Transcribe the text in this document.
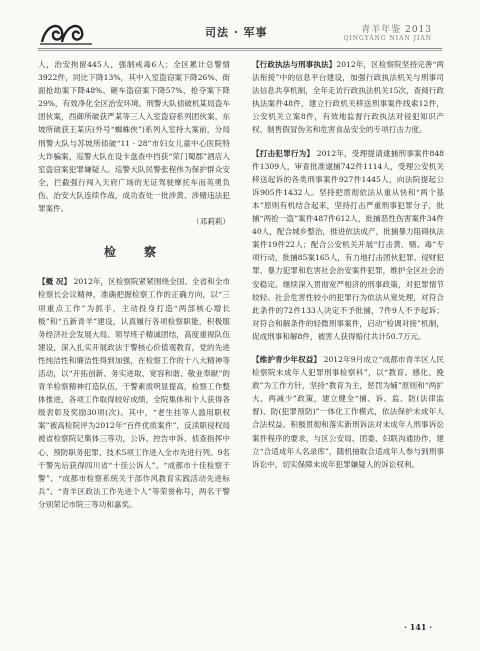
司法 · 军事	青羊年鉴 2013
QINGYANG NIAN JIAN

人，治安拘留445人，强制戒毒6人；全区累计总警情3922件，同比下降13%，其中入室盗窃案下降26%、街面抢劫案下降48%、砸车盗窃案下降57%、抢夺案下降29%，有效净化全区治安环境。刑警大队侦破机某局盗车团伙案，西御所破获严某等三人入室盗窃系列团伙案，东坡所破获王某庆(外号“蜘蛛侠”)系列入室持大案前，分局刑警大队与苏坡所侦破“11 · 28”市妇女儿童中心医院特大诈骗案，巡警大队在设卡盘查中挡获“荣门蜀郡”酒店入室盗窃案犯罪嫌疑人。巡警大队民警张程伟为保护群众安全，拦截强行闯入天府广场的无证驾驶摩托车而英勇负伤。治安大队连续作战，成功查处一批涉黄、涉赌违法犯罪案件。

（邓莉莉）

检　察

【概 况】 2012年，区检察院紧紧围绕全国、全省和全市检察长会议精神，准确把握检察工作的正确方向，以“三项重点工作”为抓手，主动投身打造“两部核心增长极”和“五新青羊”建设，认真履行各项检察职能，积极服务经济社会发展大局。领导班子精诚团结，高度重视队伍建设，深入扎实开展政法干警核心价值观教育，党的先进性纯洁性和廉洁性得到加强，在检察工作的十八大精神等活动，以“开拓创新、务实进取、宽容和谐、敬业奉献”的青羊检察精神打造队伍，干警素质明显提高，检察工作整体推进，各项工作取得较好成绩，全院集体和个人获得各级表彰及奖励30项(次)。其中，“老生挂等人滥用职权案”被高检院评为2012年“百件优质案件”，反渎职侵权局被省检察院记集体三等功，公诉、控告申诉、侦查指挥中心、预防职务犯罪、技术5项工作进入全市先进行列。9名干警先后获得四川省“十佳公诉人”、“成都市十佳检察干警”、“成都市检察系统关于部作风教育实践活动先进标兵”、“青羊区政法工作先进个人”等荣誉称号，两名干警分别荣记市院三等功和嘉奖。

【行政执法与刑事执法】2012年，区检察院坚持完善“两法衔接”中的信息平台建设，加强行政执法机关与刑事司法信息共享机制，全年走访行政执法机关15次，查阅行政执法案件48件，建立行政机关移送刑事案件线索12件，公安机关立案8件，有效地监督行政执法对侵犯知识产权、制售假冒伪劣和危害食品安全的专项打击力度。

【打击犯罪行为】 2012年，受理提请逮捕刑事案件848件1309人，审查批准逮捕742件1114人，受理公安机关移送起诉的各类刑事案件927件1445人，向法院提起公诉905件1432人。坚持把贯彻依法从重从快和“两个基本”原则有机结合起来，坚持打击严重刑事犯罪分子，批捕“两抢一盗”案件487件612人，批捕恶性伤害案件34件40人，配合城乡整治，推进依法成产，批捕暴力阻碍执法案件19件22人；配合公安机关开展“打击黄、赌、毒”专项行动，批捕85案165人，有力地打击团伙犯罪、侵财犯罪、暴力犯罪和危害社会治安案件犯罪，维护全区社会治安稳定。继续深入贯彻宽严相济的刑事政策，对犯罪情节较轻、社会危害性较小的犯罪行为依法从宽处理，对符合此条件的72件133人决定不予批捕，7件9人不予起诉；对符合和解条件的轻微刑事案件，启动“检调对接”机制，促成刑事和解8件，被害人获得赔付共计50.7万元。

【维护青少年权益】 2012年9月成立“成都市青羊区人民检察院未成年人犯罪刑事检察科”，以“教育、感化、挽救”为工作方针，坚持“教育为主，惩罚为辅”原则和“两扩大、两减少”政策，建立健全“捕、诉、监、防(法律监督)、防(犯罪预防)”一体化工作模式，依法保护未成年人合法权益。积极贯彻和落实新刑诉法对未成年人刑事诉讼案件程序的要求，与区公安局、团委、妇联沟通协作，建立“合适成年人名录库”，随机抽取合适成年人参与到刑事诉讼中，切实保障未成年犯罪嫌疑人的诉讼权利。

· 141 ·
